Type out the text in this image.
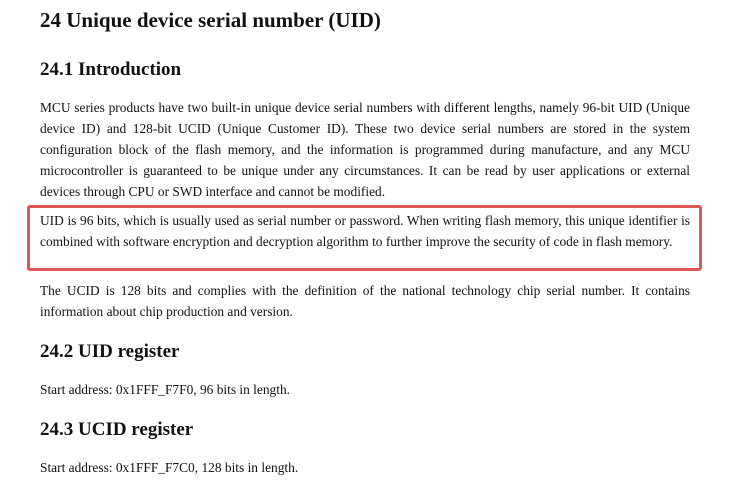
24 Unique device serial number (UID)
24.1 Introduction

MCU series products have two built-in unique device serial numbers with different lengths, namely 96-bit UID (Unique device ID) and 128-bit UCID (Unique Customer ID). These two device serial numbers are stored in the system configuration block of the flash memory, and the information is programmed during manufacture, and any MCU microcontroller is guaranteed to be unique under any circumstances. It can be read by user applications or external devices through CPU or SWD interface and cannot be modified.

UID is 96 bits, which is usually used as serial number or password. When writing flash memory, this unique identifier is combined with software encryption and decryption algorithm to further improve the security of code in flash memory.

The UCID is 128 bits and complies with the definition of the national technology chip serial number. It contains information about chip production and version.

24.2 UID register

Start address: 0x1FFF_F7F0, 96 bits in length.

24.3 UCID register

Start address: 0x1FFF_F7C0, 128 bits in length.
